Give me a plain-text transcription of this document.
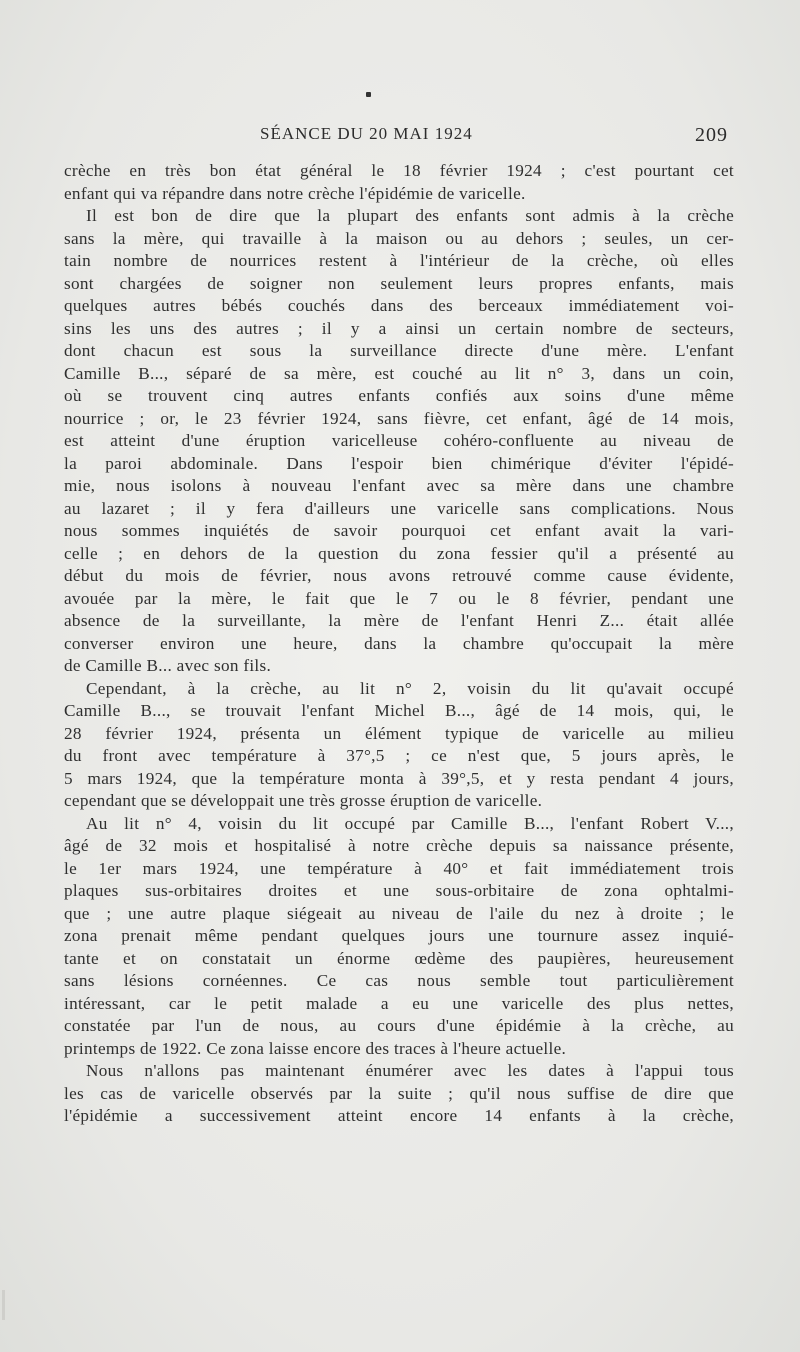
SÉANCE DU 20 MAI 1924	209
crèche en très bon état général le 18 février 1924 ; c'est pourtant cet
enfant qui va répandre dans notre crèche l'épidémie de varicelle.
Il est bon de dire que la plupart des enfants sont admis à la crèche
sans la mère, qui travaille à la maison ou au dehors ; seules, un cer-
tain nombre de nourrices restent à l'intérieur de la crèche, où elles
sont chargées de soigner non seulement leurs propres enfants, mais
quelques autres bébés couchés dans des berceaux immédiatement voi-
sins les uns des autres ; il y a ainsi un certain nombre de secteurs,
dont chacun est sous la surveillance directe d'une mère. L'enfant
Camille B..., séparé de sa mère, est couché au lit n° 3, dans un coin,
où se trouvent cinq autres enfants confiés aux soins d'une même
nourrice ; or, le 23 février 1924, sans fièvre, cet enfant, âgé de 14 mois,
est atteint d'une éruption varicelleuse cohéro-confluente au niveau de
la paroi abdominale. Dans l'espoir bien chimérique d'éviter l'épidé-
mie, nous isolons à nouveau l'enfant avec sa mère dans une chambre
au lazaret ; il y fera d'ailleurs une varicelle sans complications. Nous
nous sommes inquiétés de savoir pourquoi cet enfant avait la vari-
celle ; en dehors de la question du zona fessier qu'il a présenté au
début du mois de février, nous avons retrouvé comme cause évidente,
avouée par la mère, le fait que le 7 ou le 8 février, pendant une
absence de la surveillante, la mère de l'enfant Henri Z... était allée
converser environ une heure, dans la chambre qu'occupait la mère
de Camille B... avec son fils.
Cependant, à la crèche, au lit n° 2, voisin du lit qu'avait occupé
Camille B..., se trouvait l'enfant Michel B..., âgé de 14 mois, qui, le
28 février 1924, présenta un élément typique de varicelle au milieu
du front avec température à 37°,5 ; ce n'est que, 5 jours après, le
5 mars 1924, que la température monta à 39°,5, et y resta pendant 4 jours,
cependant que se développait une très grosse éruption de varicelle.
Au lit n° 4, voisin du lit occupé par Camille B..., l'enfant Robert V...,
âgé de 32 mois et hospitalisé à notre crèche depuis sa naissance présente,
le 1er mars 1924, une température à 40° et fait immédiatement trois
plaques sus-orbitaires droites et une sous-orbitaire de zona ophtalmi-
que ; une autre plaque siégeait au niveau de l'aile du nez à droite ; le
zona prenait même pendant quelques jours une tournure assez inquié-
tante et on constatait un énorme œdème des paupières, heureusement
sans lésions cornéennes. Ce cas nous semble tout particulièrement
intéressant, car le petit malade a eu une varicelle des plus nettes,
constatée par l'un de nous, au cours d'une épidémie à la crèche, au
printemps de 1922. Ce zona laisse encore des traces à l'heure actuelle.
Nous n'allons pas maintenant énumérer avec les dates à l'appui tous
les cas de varicelle observés par la suite ; qu'il nous suffise de dire que
l'épidémie a successivement atteint encore 14 enfants à la crèche,
